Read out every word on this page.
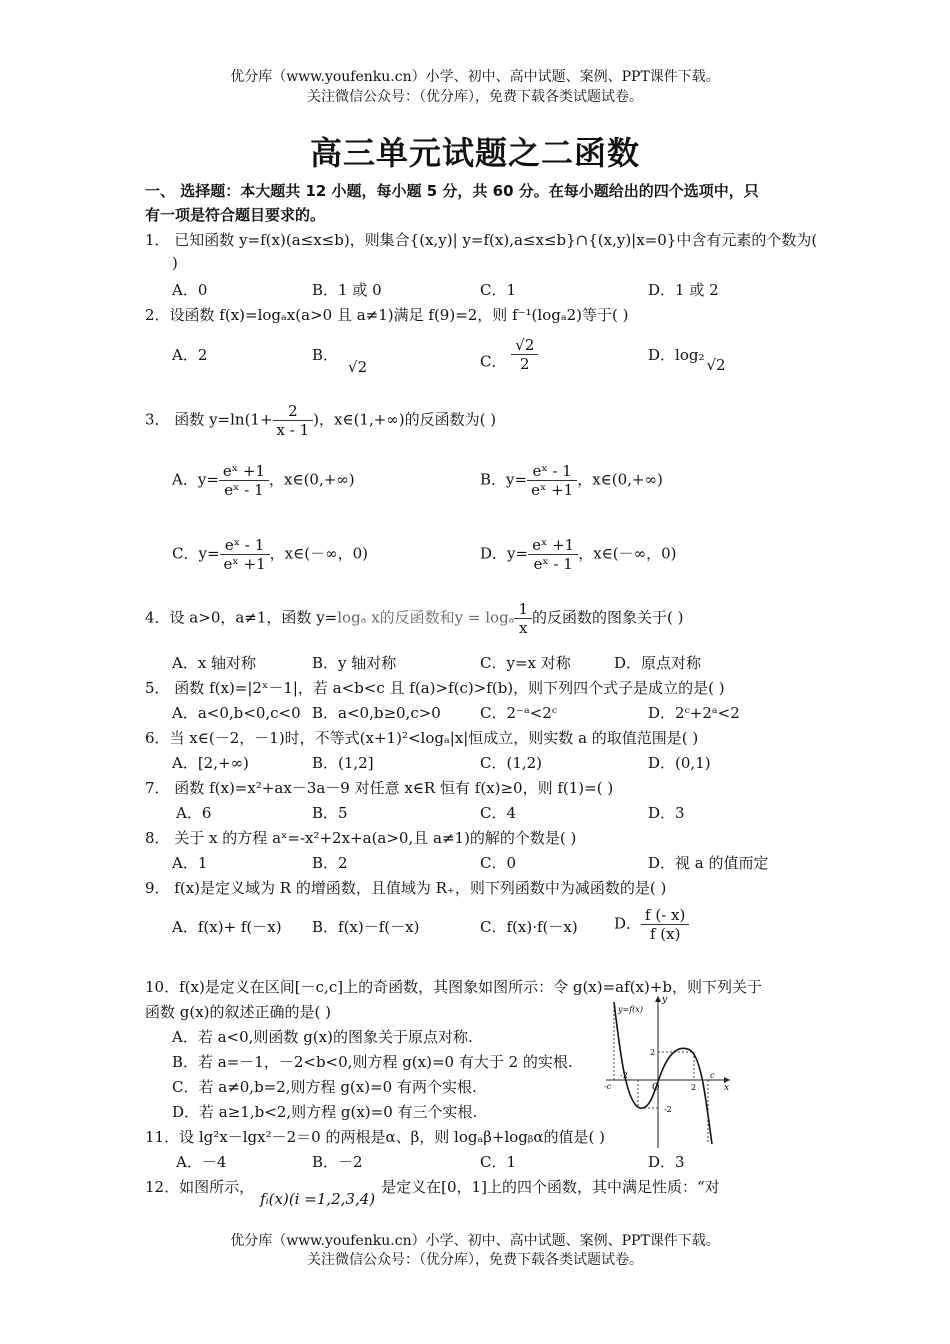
优分库（www.youfenku.cn）小学、初中、高中试题、案例、PPT课件下载。
关注微信公众号：（优分库），免费下载各类试题试卷。
高三单元试题之二函数
一、 选择题：本大题共 12 小题，每小题 5 分，共 60 分。在每小题给出的四个选项中，只
有一项是符合题目要求的。
1． 已知函数 y=f(x)(a≤x≤b)，则集合{(x,y)| y=f(x),a≤x≤b}∩{(x,y)|x=0}中含有元素的个数为(
)
A．0	B．1 或 0	C．1	D．1 或 2
2．设函数 f(x)=logₐx(a>0 且 a≠1)满足 f(9)=2，则 f⁻¹(logₐ2)等于( )
A．2	B．√2	C． $\frac{√2}{2}$	D．log₂√2
3． 函数 $y=\ln(1+ \frac{2}{x - 1}$ )，x∈(1,+∞)的反函数为( )
A．$y= \frac{\text{eˣ +1}}{\text{eˣ - 1}}$ ，x∈(0,+∞)	B．$y= \frac{\text{eˣ - 1}}{\text{eˣ +1}}$ ，x∈(0,+∞)
C．$y= \frac{\text{eˣ - 1}}{\text{eˣ +1}}$ ，x∈(－∞，0)	D．$y= \frac{\text{eˣ +1}}{\text{eˣ - 1}}$ ，x∈(－∞，0)
4．设 a>0，a≠1，函数 y=logₐ x的反函数和y = logₐ $\frac{1}{x}$ 的反函数的图象关于( )
A．x 轴对称	B．y 轴对称	C．y=x 对称	D．原点对称
5． 函数 f(x)=|2ˣ－1|，若 a<b<c 且 f(a)>f(c)>f(b)，则下列四个式子是成立的是( )
A．a<0,b<0,c<0 B．a<0,b≥0,c>0	C．2⁻ᵃ<2ᶜ	D．2ᶜ+2ᵃ<2
6．当 x∈(－2，－1)时，不等式(x+1)²<logₐ|x|恒成立，则实数 a 的取值范围是( )
A．[2,+∞)	B．(1,2]	C．(1,2)	D．(0,1)
7． 函数 f(x)=x²+ax－3a－9 对任意 x∈R 恒有 f(x)≥0，则 f(1)=( )
A．6	B．5	C．4	D．3
8． 关于 x 的方程 aˣ=-x²+2x+a(a>0,且 a≠1)的解的个数是( )
A．1	B．2	C．0	D．视 a 的值而定
9． f(x)是定义域为 R 的增函数，且值域为 R₊，则下列函数中为减函数的是( )
A．f(x)+ f(－x) B．f(x)－f(－x)	C．f(x)·f(－x) D． $\frac{f (- x)}{f (x)}$
10．f(x)是定义在区间[－c,c]上的奇函数，其图象如图所示：令 g(x)=af(x)+b，则下列关于
函数 g(x)的叙述正确的是( )
A．若 a<0,则函数 g(x)的图象关于原点对称.
B．若 a=－1，－2<b<0,则方程 g(x)=0 有大于 2 的实根.
C．若 a≠0,b=2,则方程 g(x)=0 有两个实根.
D．若 a≥1,b<2,则方程 g(x)=0 有三个实根.
y=f(x)
y
x
O
2
-2
-c
-2
2
c
11．设 lg²x－lgx²－2＝0 的两根是α、β，则 logₐβ+logᵦα的值是( )
A．－4	B．－2	C．1	D．3
12．如图所示，fᵢ(x)(i =1,2,3,4)是定义在[0，1]上的四个函数，其中满足性质：“对
优分库（www.youfenku.cn）小学、初中、高中试题、案例、PPT课件下载。
关注微信公众号：（优分库），免费下载各类试题试卷。
